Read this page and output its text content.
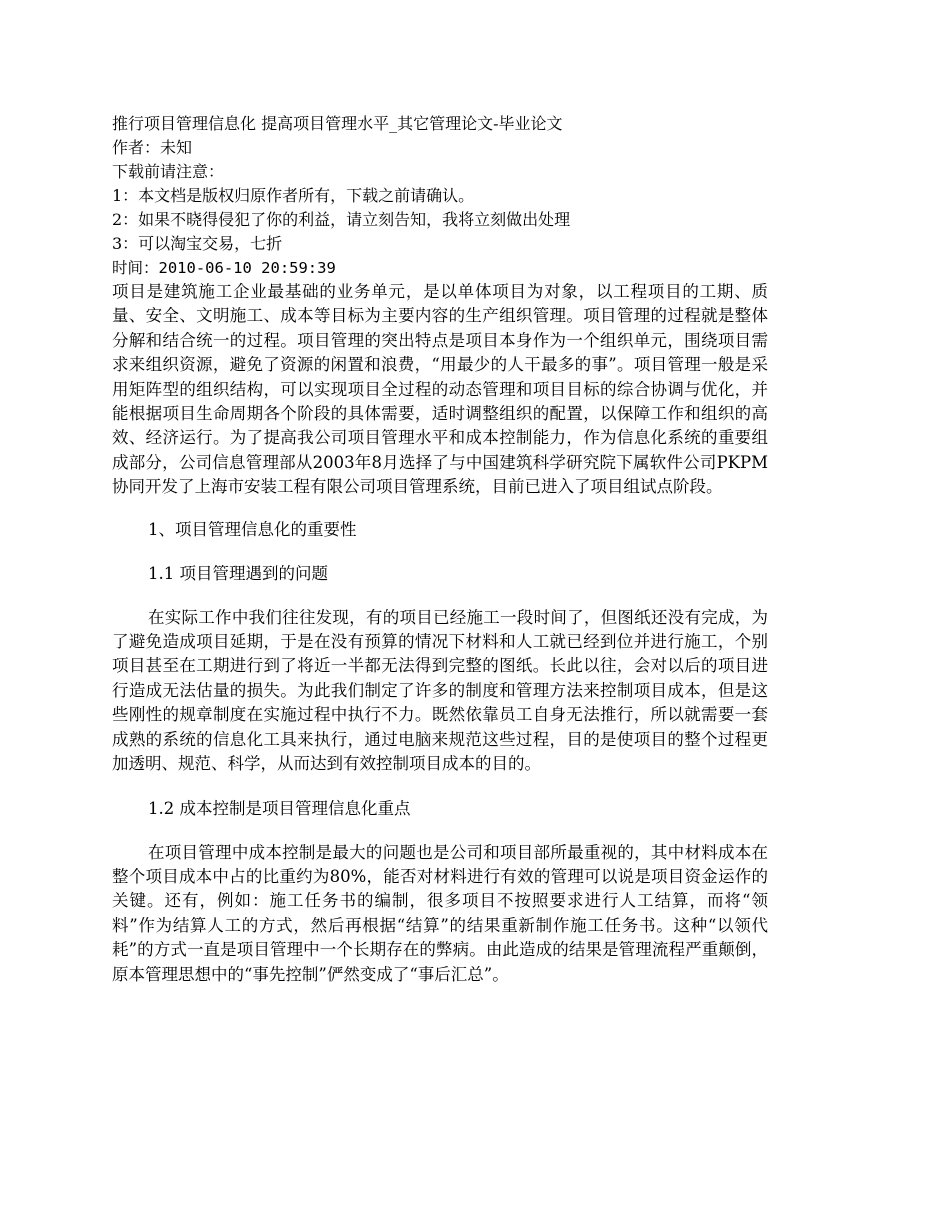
推行项目管理信息化 提高项目管理水平_其它管理论文-毕业论文
作者：未知
下载前请注意：
1：本文档是版权归原作者所有，下载之前请确认。
2：如果不晓得侵犯了你的利益，请立刻告知，我将立刻做出处理
3：可以淘宝交易，七折
时间：2010-06-10 20:59:39

项目是建筑施工企业最基础的业务单元，是以单体项目为对象，以工程项目的工期、质量、安全、文明施工、成本等目标为主要内容的生产组织管理。项目管理的过程就是整体分解和结合统一的过程。项目管理的突出特点是项目本身作为一个组织单元，围绕项目需求来组织资源，避免了资源的闲置和浪费，“用最少的人干最多的事”。项目管理一般是采用矩阵型的组织结构，可以实现项目全过程的动态管理和项目目标的综合协调与优化，并能根据项目生命周期各个阶段的具体需要，适时调整组织的配置，以保障工作和组织的高效、经济运行。为了提高我公司项目管理水平和成本控制能力，作为信息化系统的重要组成部分，公司信息管理部从2003年8月选择了与中国建筑科学研究院下属软件公司PKPM协同开发了上海市安装工程有限公司项目管理系统，目前已进入了项目组试点阶段。

1、项目管理信息化的重要性

1.1 项目管理遇到的问题

在实际工作中我们往往发现，有的项目已经施工一段时间了，但图纸还没有完成，为了避免造成项目延期，于是在没有预算的情况下材料和人工就已经到位并进行施工，个别项目甚至在工期进行到了将近一半都无法得到完整的图纸。长此以往，会对以后的项目进行造成无法估量的损失。为此我们制定了许多的制度和管理方法来控制项目成本，但是这些刚性的规章制度在实施过程中执行不力。既然依靠员工自身无法推行，所以就需要一套成熟的系统的信息化工具来执行，通过电脑来规范这些过程，目的是使项目的整个过程更加透明、规范、科学，从而达到有效控制项目成本的目的。

1.2 成本控制是项目管理信息化重点

在项目管理中成本控制是最大的问题也是公司和项目部所最重视的，其中材料成本在整个项目成本中占的比重约为80%，能否对材料进行有效的管理可以说是项目资金运作的关键。还有，例如：施工任务书的编制，很多项目不按照要求进行人工结算，而将“领料”作为结算人工的方式，然后再根据“结算”的结果重新制作施工任务书。这种“以领代耗”的方式一直是项目管理中一个长期存在的弊病。由此造成的结果是管理流程严重颠倒，原本管理思想中的“事先控制”俨然变成了“事后汇总”。
